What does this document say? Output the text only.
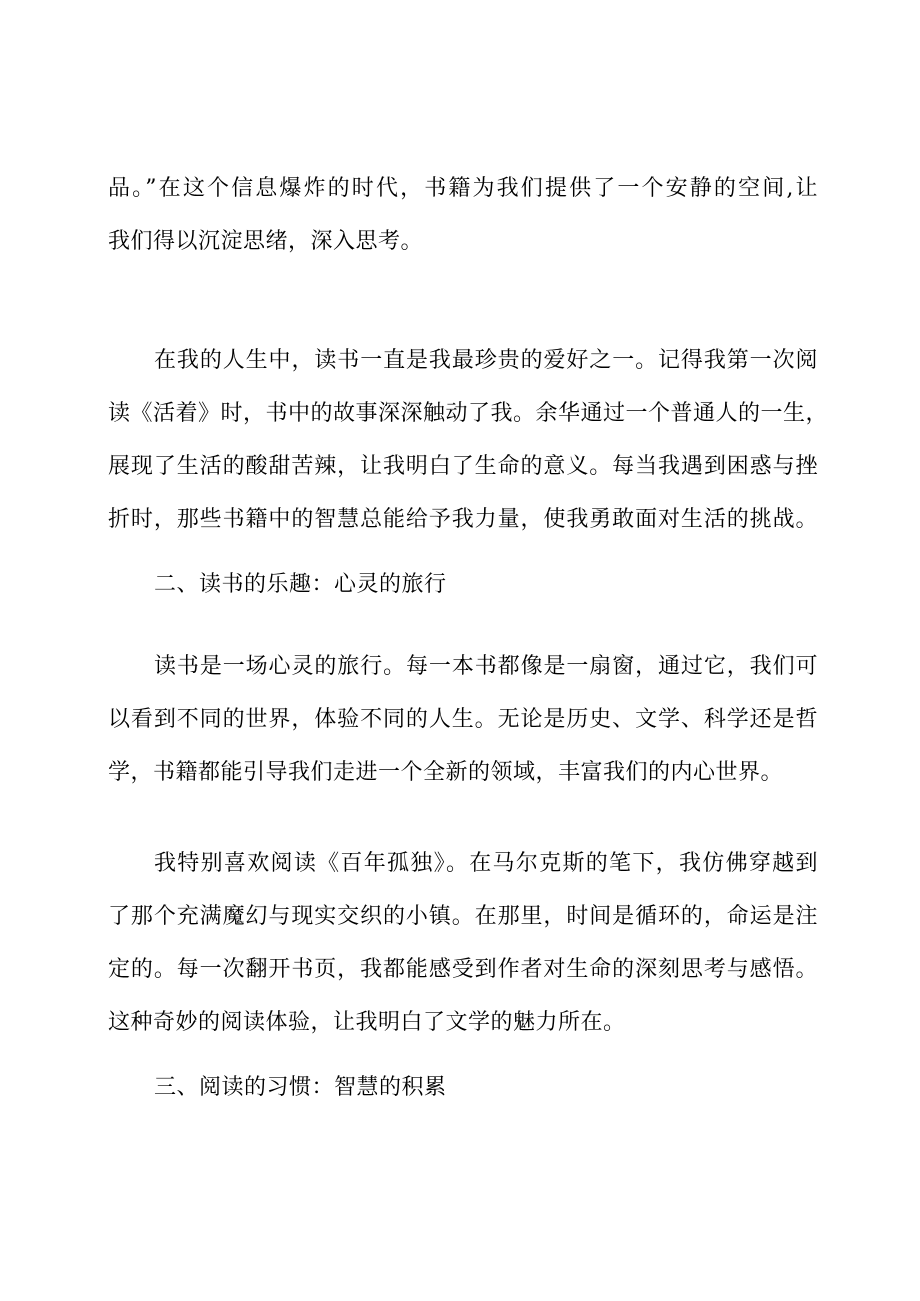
品。”在这个信息爆炸的时代，书籍为我们提供了一个安静的空间,让
我们得以沉淀思绪，深入思考。
在我的人生中，读书一直是我最珍贵的爱好之一。记得我第一次阅
读《活着》时，书中的故事深深触动了我。余华通过一个普通人的一生，
展现了生活的酸甜苦辣，让我明白了生命的意义。每当我遇到困惑与挫
折时，那些书籍中的智慧总能给予我力量，使我勇敢面对生活的挑战。
二、读书的乐趣：心灵的旅行
读书是一场心灵的旅行。每一本书都像是一扇窗，通过它，我们可
以看到不同的世界，体验不同的人生。无论是历史、文学、科学还是哲
学，书籍都能引导我们走进一个全新的领域，丰富我们的内心世界。
我特别喜欢阅读《百年孤独》。在马尔克斯的笔下，我仿佛穿越到
了那个充满魔幻与现实交织的小镇。在那里，时间是循环的，命运是注
定的。每一次翻开书页，我都能感受到作者对生命的深刻思考与感悟。
这种奇妙的阅读体验，让我明白了文学的魅力所在。
三、阅读的习惯：智慧的积累
